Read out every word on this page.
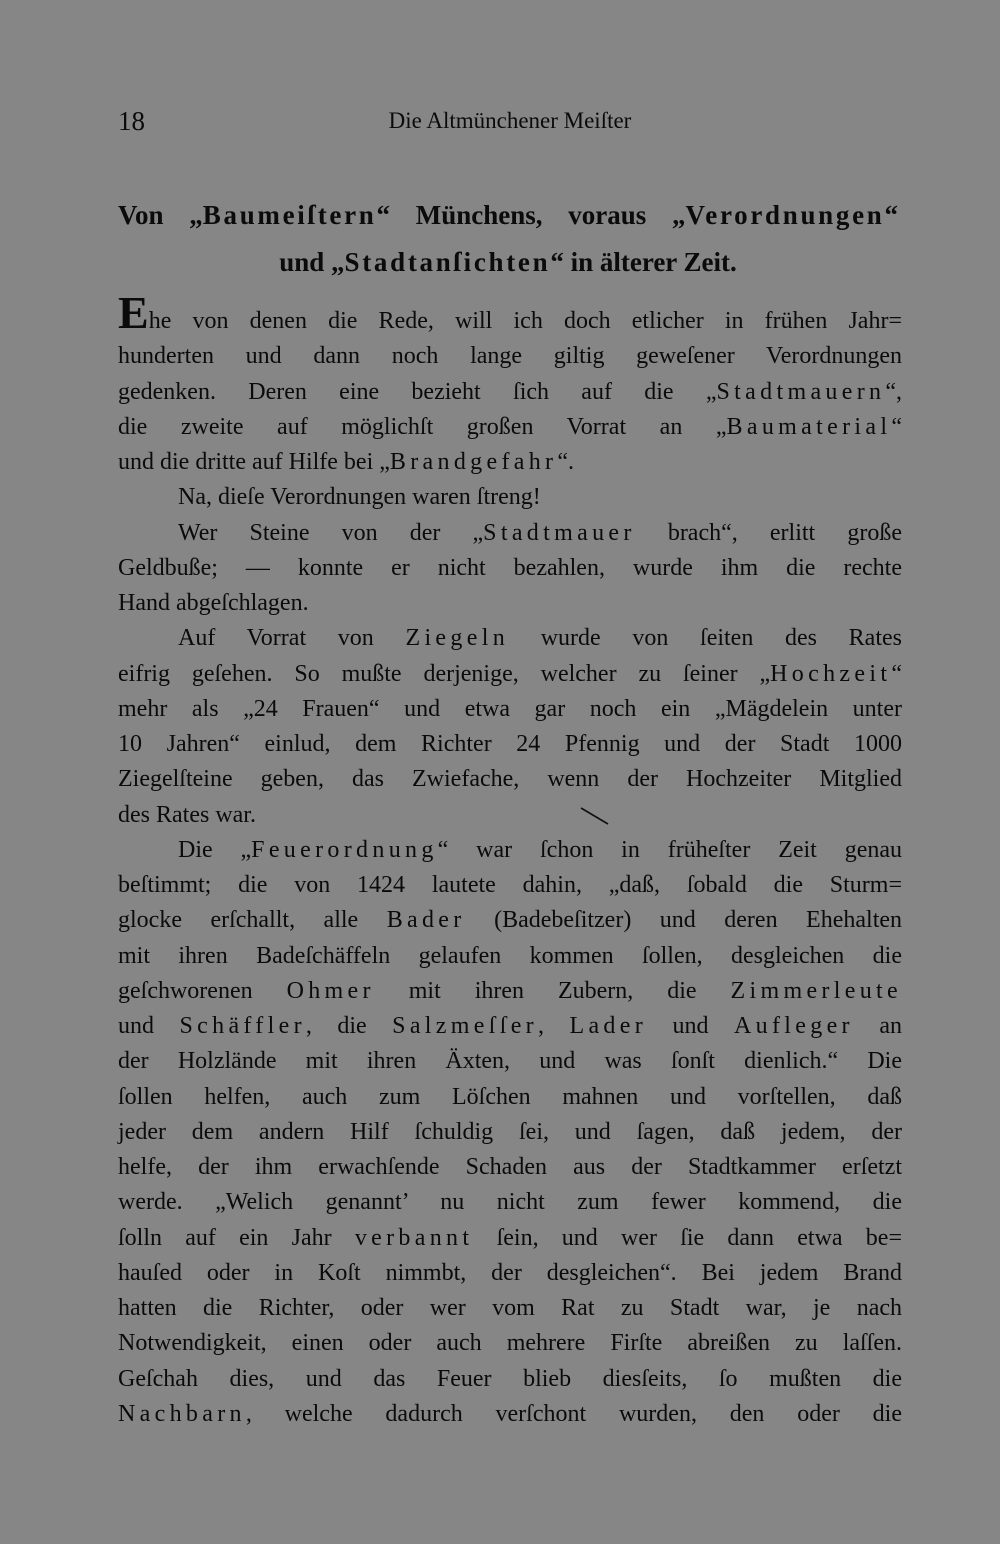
18	Die Altmünchener Meiſter
Von „Baumeiſtern“ Münchens, voraus „Verordnungen“
und „Stadtanſichten“ in älterer Zeit.
Ehe von denen die Rede, will ich doch etlicher in frühen Jahr=
hunderten und dann noch lange giltig geweſener Verordnungen
gedenken. Deren eine bezieht ſich auf die „Stadtmauern“,
die zweite auf möglichſt großen Vorrat an „Baumaterial“
und die dritte auf Hilfe bei „Brandgefahr“.
Na, dieſe Verordnungen waren ſtreng!
Wer Steine von der „Stadtmauer brach“, erlitt große
Geldbuße; — konnte er nicht bezahlen, wurde ihm die rechte
Hand abgeſchlagen.
Auf Vorrat von Ziegeln wurde von ſeiten des Rates
eifrig geſehen. So mußte derjenige, welcher zu ſeiner „Hochzeit“
mehr als „24 Frauen“ und etwa gar noch ein „Mägdelein unter
10 Jahren“ einlud, dem Richter 24 Pfennig und der Stadt 1000
Ziegelſteine geben, das Zwiefache, wenn der Hochzeiter Mitglied
des Rates war.
Die „Feuerordnung“ war ſchon in früheſter Zeit genau
beſtimmt; die von 1424 lautete dahin, „daß, ſobald die Sturm=
glocke erſchallt, alle Bader (Badebeſitzer) und deren Ehehalten
mit ihren Badeſchäffeln gelaufen kommen ſollen, desgleichen die
geſchworenen Ohmer mit ihren Zubern, die Zimmerleute
und Schäffler, die Salzmeſſer, Lader und Aufleger an
der Holzlände mit ihren Äxten, und was ſonſt dienlich.“ Die
ſollen helfen, auch zum Löſchen mahnen und vorſtellen, daß
jeder dem andern Hilf ſchuldig ſei, und ſagen, daß jedem, der
helfe, der ihm erwachſende Schaden aus der Stadtkammer erſetzt
werde. „Welich genannt’ nu nicht zum fewer kommend, die
ſolln auf ein Jahr verbannt ſein, und wer ſie dann etwa be=
hauſed oder in Koſt nimmbt, der desgleichen“. Bei jedem Brand
hatten die Richter, oder wer vom Rat zu Stadt war, je nach
Notwendigkeit, einen oder auch mehrere Firſte abreißen zu laſſen.
Geſchah dies, und das Feuer blieb diesſeits, ſo mußten die
Nachbarn, welche dadurch verſchont wurden, den oder die
